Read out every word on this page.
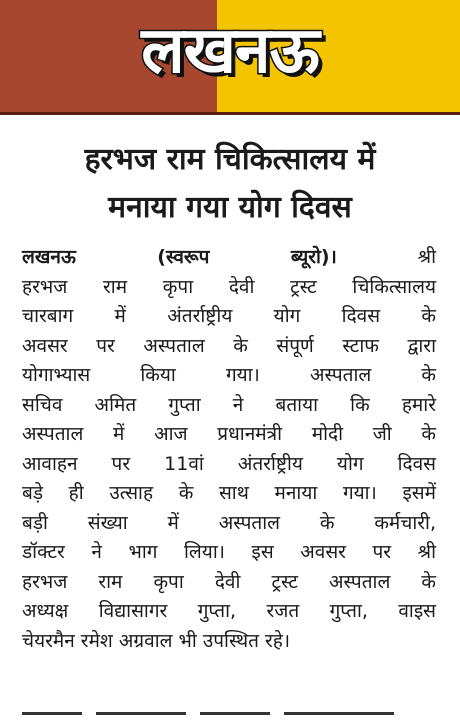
लखनऊ
हरभज राम चिकित्सालय में
मनाया गया योग दिवस
लखनऊ (स्वरूप ब्यूरो)।	श्री
हरभज राम कृपा देवी ट्रस्ट चिकित्सालय
चारबाग में अंतर्राष्ट्रीय योग दिवस के
अवसर पर अस्पताल के संपूर्ण स्टाफ द्वारा
योगाभ्यास किया गया। अस्पताल के
सचिव अमित गुप्ता ने बताया कि हमारे
अस्पताल में आज प्रधानमंत्री मोदी जी के
आवाहन पर 11वां अंतर्राष्ट्रीय योग दिवस
बड़े ही उत्साह के साथ मनाया गया। इसमें
बड़ी संख्या में अस्पताल के कर्मचारी,
डॉक्टर ने भाग लिया। इस अवसर पर श्री
हरभज राम कृपा देवी ट्रस्ट अस्पताल के
अध्यक्ष विद्यासागर गुप्ता, रजत गुप्ता, वाइस
चेयरमैन रमेश अग्रवाल भी उपस्थित रहे।
